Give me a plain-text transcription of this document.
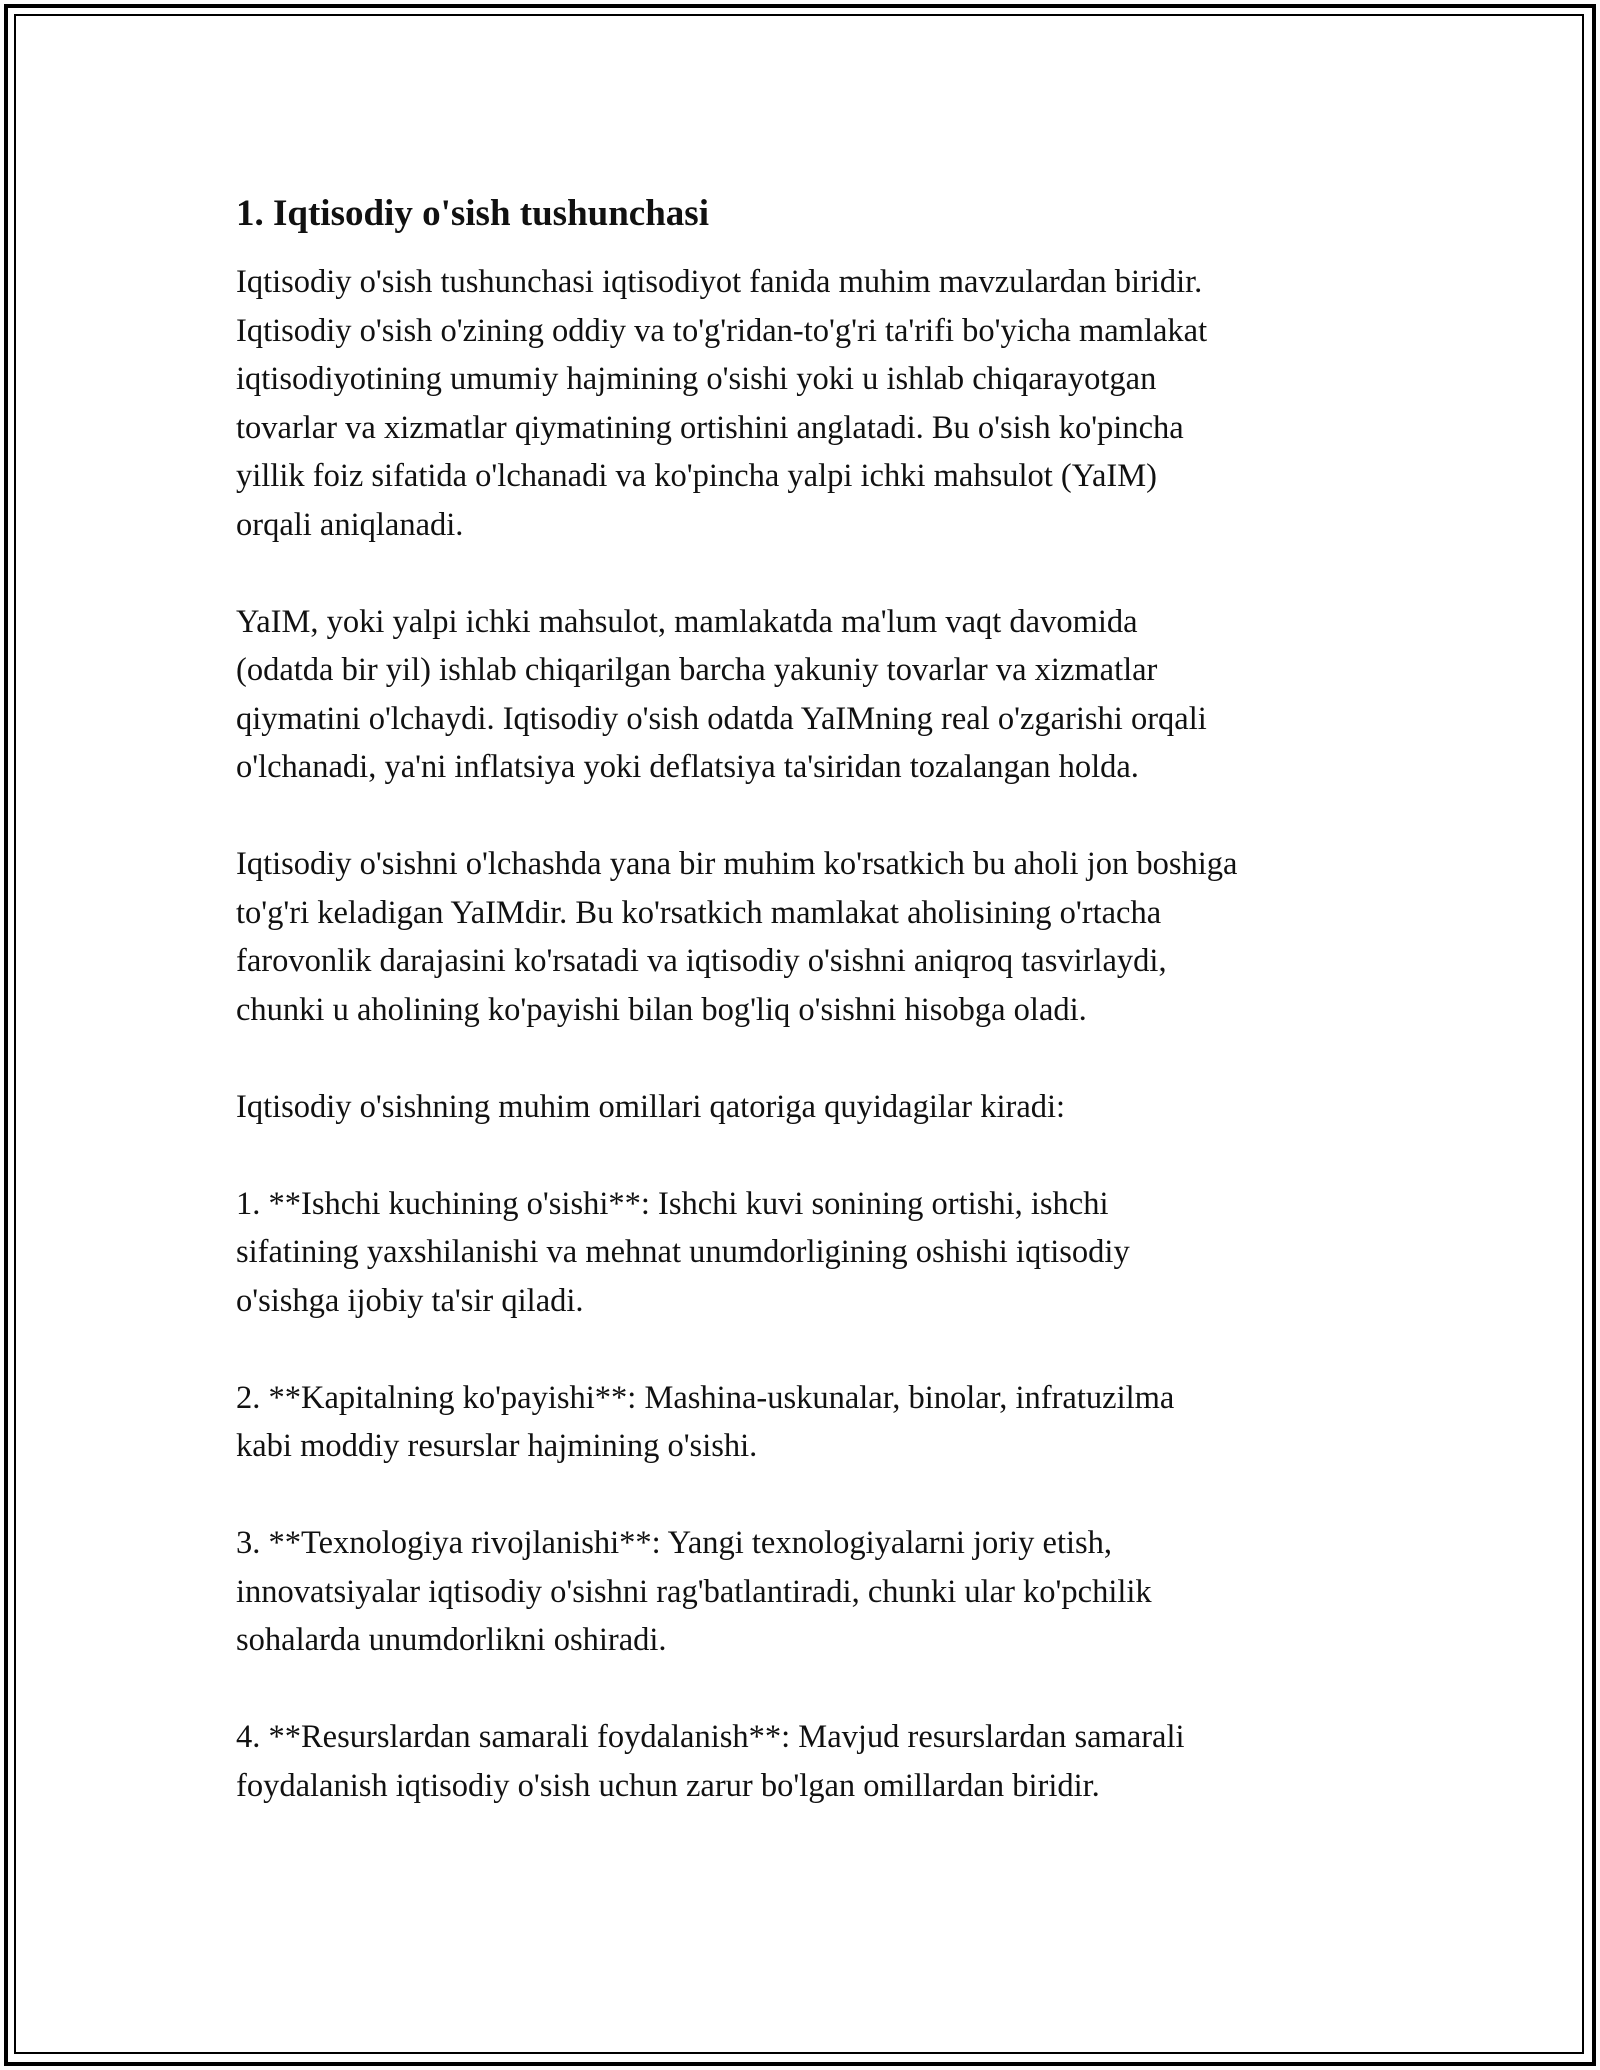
1. Iqtisodiy o'sish tushunchasi

Iqtisodiy o'sish tushunchasi iqtisodiyot fanida muhim mavzulardan biridir.
Iqtisodiy o'sish o'zining oddiy va to'g'ridan-to'g'ri ta'rifi bo'yicha mamlakat
iqtisodiyotining umumiy hajmining o'sishi yoki u ishlab chiqarayotgan
tovarlar va xizmatlar qiymatining ortishini anglatadi. Bu o'sish ko'pincha
yillik foiz sifatida o'lchanadi va ko'pincha yalpi ichki mahsulot (YaIM)
orqali aniqlanadi.

YaIM, yoki yalpi ichki mahsulot, mamlakatda ma'lum vaqt davomida
(odatda bir yil) ishlab chiqarilgan barcha yakuniy tovarlar va xizmatlar
qiymatini o'lchaydi. Iqtisodiy o'sish odatda YaIMning real o'zgarishi orqali
o'lchanadi, ya'ni inflatsiya yoki deflatsiya ta'siridan tozalangan holda.

Iqtisodiy o'sishni o'lchashda yana bir muhim ko'rsatkich bu aholi jon boshiga
to'g'ri keladigan YaIMdir. Bu ko'rsatkich mamlakat aholisining o'rtacha
farovonlik darajasini ko'rsatadi va iqtisodiy o'sishni aniqroq tasvirlaydi,
chunki u aholining ko'payishi bilan bog'liq o'sishni hisobga oladi.

Iqtisodiy o'sishning muhim omillari qatoriga quyidagilar kiradi:

1. **Ishchi kuchining o'sishi**: Ishchi kuvi sonining ortishi, ishchi
sifatining yaxshilanishi va mehnat unumdorligining oshishi iqtisodiy
o'sishga ijobiy ta'sir qiladi.

2. **Kapitalning ko'payishi**: Mashina-uskunalar, binolar, infratuzilma
kabi moddiy resurslar hajmining o'sishi.

3. **Texnologiya rivojlanishi**: Yangi texnologiyalarni joriy etish,
innovatsiyalar iqtisodiy o'sishni rag'batlantiradi, chunki ular ko'pchilik
sohalarda unumdorlikni oshiradi.

4. **Resurslardan samarali foydalanish**: Mavjud resurslardan samarali
foydalanish iqtisodiy o'sish uchun zarur bo'lgan omillardan biridir.
